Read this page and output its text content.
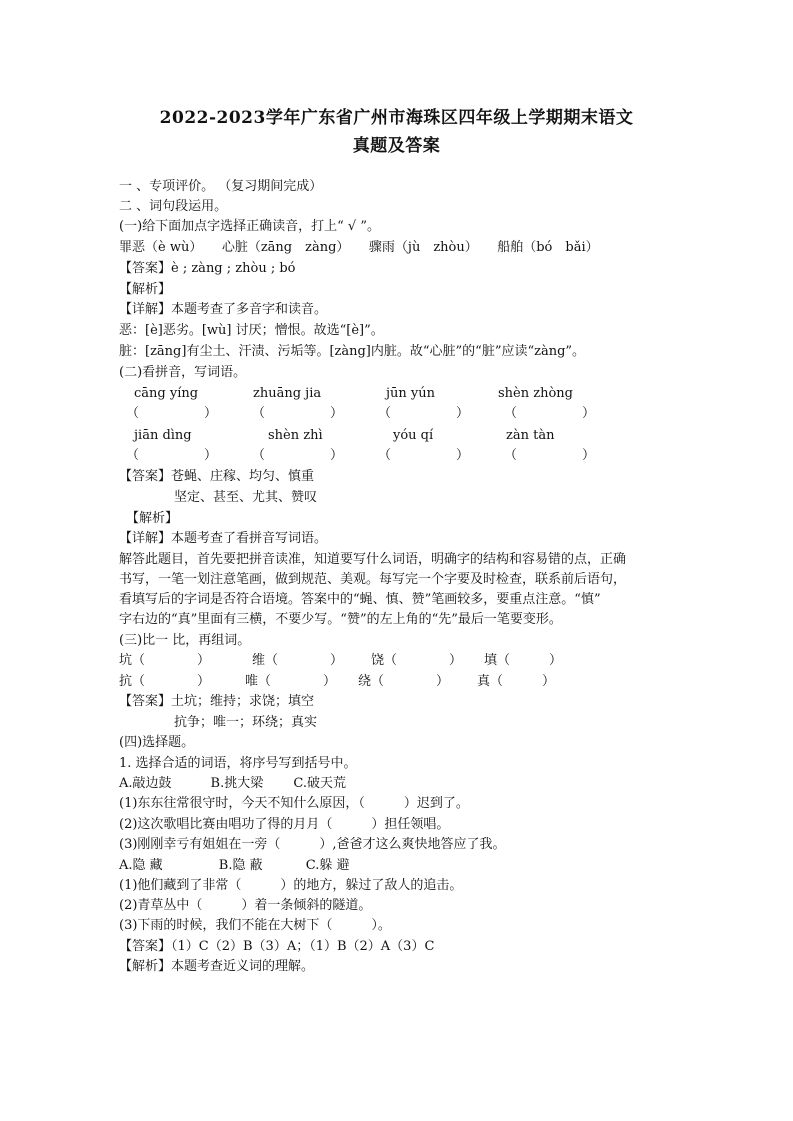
2022-2023学年广东省广州市海珠区四年级上学期期末语文
真题及答案
一 、专项评价。 （复习期间完成）
二 、词句段运用。
(一)给下面加点字选择正确读音，打上“ √ ”。
罪恶（è wù）　　心脏（zāng　zàng）　　骤雨（jù　zhòu）　　船舶（bó　bǎi）
【答案】è ; zàng ; zhòu ; bó
【解析】
【详解】本题考查了多音字和读音。
恶：[è]恶劣。[wù] 讨厌；憎恨。故选“[è]”。
脏：[zāng]有尘土、汗渍、污垢等。[zàng]内脏。故“心脏”的“脏”应读“zàng”。
(二)看拼音，写词语。
cāng yíng	zhuāng jia	jūn yún	shèn zhòng
（　　　　　）	（　　　　　）	（　　　　　）	（　　　　　）
jiān dìng	shèn zhì	yóu qí	zàn tàn
（　　　　　）	（　　　　　）	（　　　　　）	（　　　　　）
【答案】苍蝇、庄稼、均匀、慎重
坚定、甚至、尤其、赞叹
【解析】
【详解】本题考查了看拼音写词语。
解答此题目，首先要把拼音读准，知道要写什么词语，明确字的结构和容易错的点，正确
书写，一笔一划注意笔画，做到规范、美观。每写完一个字要及时检查，联系前后语句，
看填写后的字词是否符合语境。答案中的“蝇、慎、赞”笔画较多，要重点注意。“慎”
字右边的“真”里面有三横，不要少写。“赞”的左上角的“先”最后一笔要变形。
(三)比一 比，再组词。
坑（　　　　）	维（　　　　） 饶（　　　　） 填（　　　）
抗（　　　　）	唯（　　　　） 绕（　　　　） 真（　　　）
【答案】土坑；维持；求饶；填空
抗争；唯一；环绕；真实
(四)选择题。
1. 选择合适的词语，将序号写到括号中。
A.敲边鼓　　　B.挑大梁　　 C.破天荒
(1)东东往常很守时，今天不知什么原因，（　　　）迟到了。
(2)这次歌唱比赛由唱功了得的月月（　　　）担任领唱。
(3)刚刚幸亏有姐姐在一旁（　　　）,爸爸才这么爽快地答应了我。
A.隐 藏　　　　 B.隐 蔽　　　 C.躲 避
(1)他们藏到了非常（　　　）的地方，躲过了敌人的追击。
(2)青草丛中（　　　）着一条倾斜的隧道。
(3)下雨的时候，我们不能在大树下（　　　）。
【答案】（1）C（2）B（3）A；（1）B（2）A（3）C
【解析】本题考查近义词的理解。
